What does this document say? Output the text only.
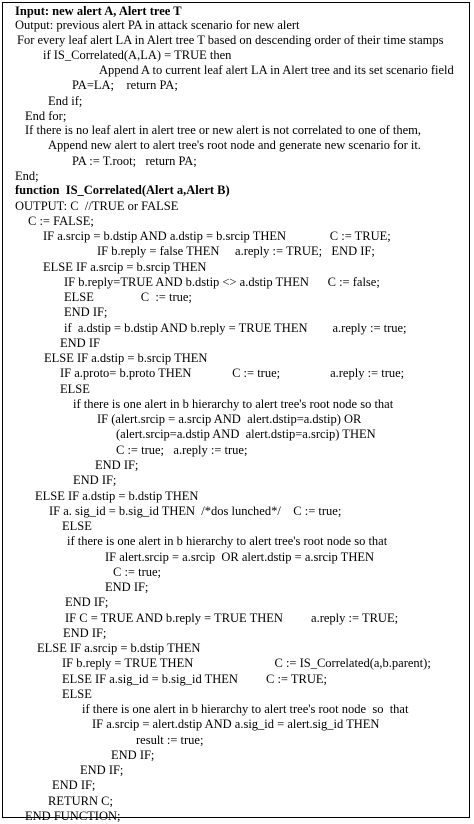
Input: new alert A, Alert tree T
Output: previous alert PA in attack scenario for new alert
For every leaf alert LA in Alert tree T based on descending order of their time stamps
if IS_Correlated(A,LA) = TRUE then
Append A to current leaf alert LA in Alert tree and its set scenario field
PA=LA;    return PA;
End if;
End for;
If there is no leaf alert in alert tree or new alert is not correlated to one of them,
Append new alert to alert tree's root node and generate new scenario for it.
PA := T.root;   return PA;
End;
function  IS_Correlated(Alert a,Alert B)
OUTPUT: C  //TRUE or FALSE
C := FALSE;
IF a.srcip = b.dstip AND a.dstip = b.srcip THEN              C := TRUE;
IF b.reply = false THEN     a.reply := TRUE;   END IF;
ELSE IF a.srcip = b.srcip THEN
IF b.reply=TRUE AND b.dstip <> a.dstip THEN      C := false;
ELSE               C  := true;
END IF;
if  a.dstip = b.dstip AND b.reply = TRUE THEN        a.reply := true;
END IF
ELSE IF a.dstip = b.srcip THEN
IF a.proto= b.proto THEN             C := true;                a.reply := true;
ELSE
if there is one alert in b hierarchy to alert tree's root node so that
IF (alert.srcip = a.srcip AND  alert.dstip=a.dstip) OR
(alert.srcip=a.dstip AND  alert.dstip=a.srcip) THEN
C := true;   a.reply := true;
END IF;
END IF;
ELSE IF a.dstip = b.dstip THEN
IF a. sig_id = b.sig_id THEN  /*dos lunched*/    C := true;
ELSE
if there is one alert in b hierarchy to alert tree's root node so that
IF alert.srcip = a.srcip  OR alert.dstip = a.srcip THEN
C := true;
END IF;
END IF;
IF C = TRUE AND b.reply = TRUE THEN         a.reply := TRUE;
END IF;
ELSE IF a.srcip = b.dstip THEN
IF b.reply = TRUE THEN                          C := IS_Correlated(a,b.parent);
ELSE IF a.sig_id = b.sig_id THEN         C := TRUE;
ELSE
if there is one alert in b hierarchy to alert tree's root node  so  that
IF a.srcip = alert.dstip AND a.sig_id = alert.sig_id THEN
result := true;
END IF;
END IF;
END IF;
RETURN C;
END FUNCTION;
